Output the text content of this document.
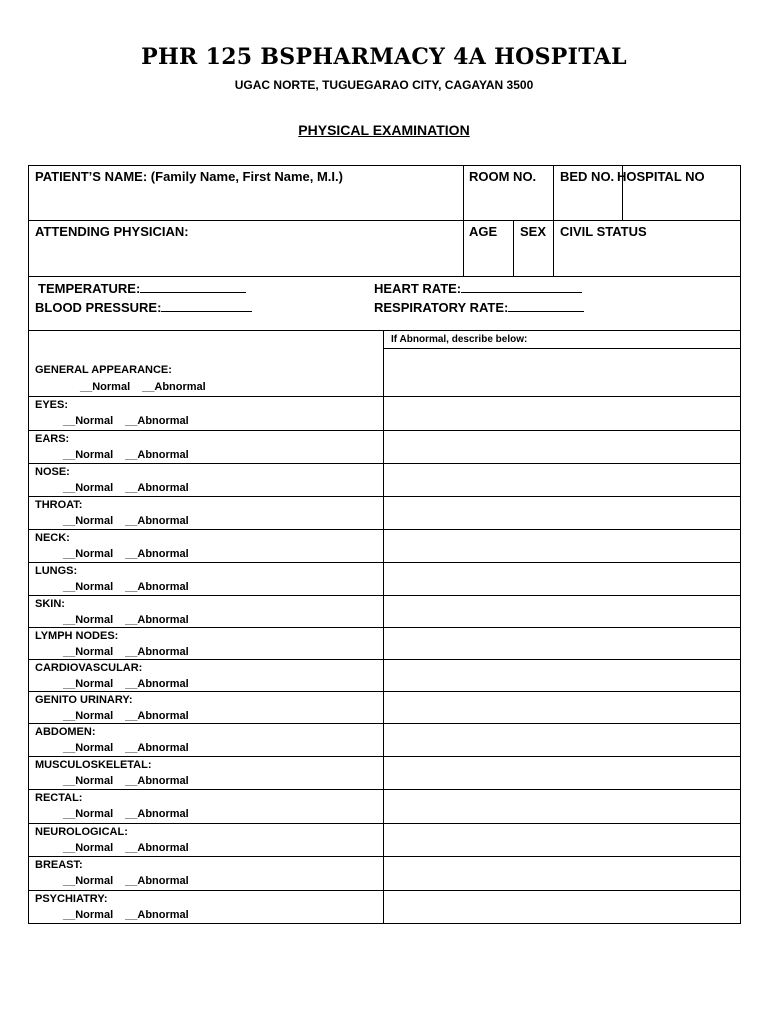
PHR 125 BSPHARMACY 4A HOSPITAL
UGAC NORTE, TUGUEGARAO CITY, CAGAYAN 3500
PHYSICAL EXAMINATION
PATIENT’S NAME: (Family Name, First Name, M.I.)	ROOM NO. BED NO. HOSPITAL NO
ATTENDING PHYSICIAN:	AGE SEX CIVIL STATUS
TEMPERATURE:
BLOOD PRESSURE:
HEART RATE:
RESPIRATORY RATE:
If Abnormal, describe below:
GENERAL APPEARANCE:
__Normal __Abnormal
EYES:
__Normal __Abnormal
EARS:
__Normal __Abnormal
NOSE:
__Normal __Abnormal
THROAT:
__Normal __Abnormal
NECK:
__Normal __Abnormal
LUNGS:
__Normal __Abnormal
SKIN:
__Normal __Abnormal
LYMPH NODES:
__Normal __Abnormal
CARDIOVASCULAR:
__Normal __Abnormal
GENITO URINARY:
__Normal __Abnormal
ABDOMEN:
__Normal __Abnormal
MUSCULOSKELETAL:
__Normal __Abnormal
RECTAL:
__Normal __Abnormal
NEUROLOGICAL:
__Normal __Abnormal
BREAST:
__Normal __Abnormal
PSYCHIATRY:
__Normal __Abnormal
